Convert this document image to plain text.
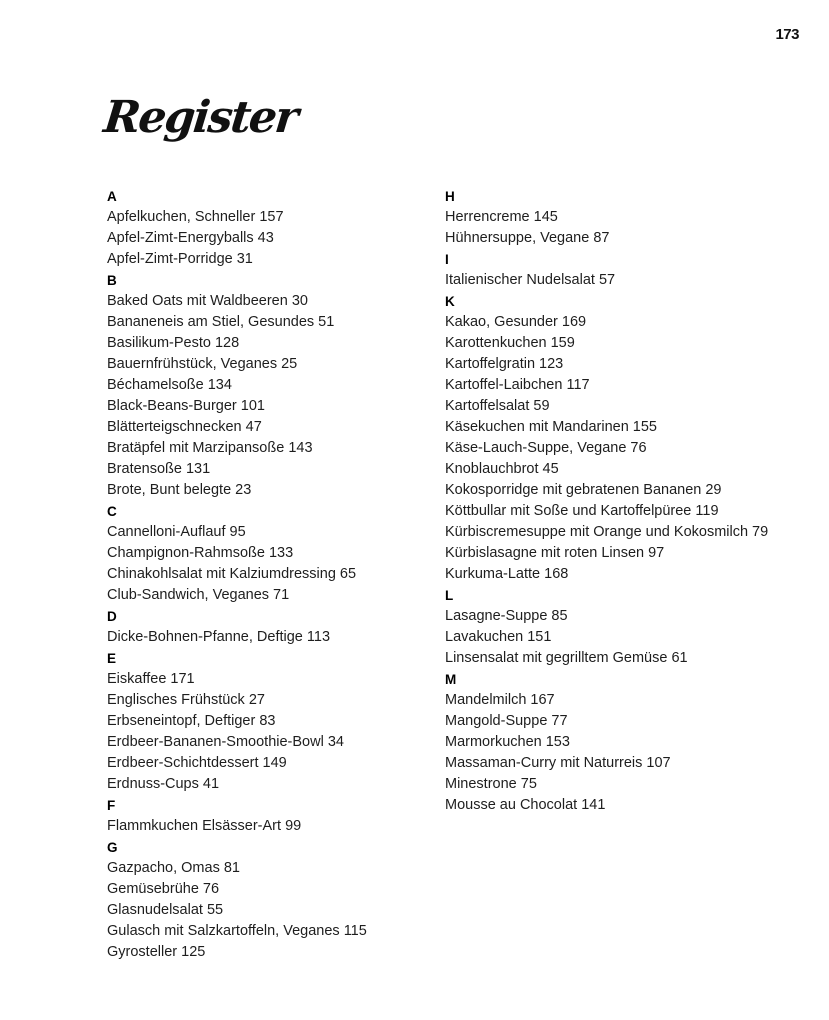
173
Register
A
Apfelkuchen, Schneller 157
Apfel-Zimt-Energyballs 43
Apfel-Zimt-Porridge 31
B
Baked Oats mit Waldbeeren 30
Bananeneis am Stiel, Gesundes 51
Basilikum-Pesto 128
Bauernfrühstück, Veganes 25
Béchamelsoße 134
Black-Beans-Burger 101
Blätterteigschnecken 47
Bratäpfel mit Marzipansoße 143
Bratensoße 131
Brote, Bunt belegte 23
C
Cannelloni-Auflauf 95
Champignon-Rahmsoße 133
Chinakohlsalat mit Kalziumdressing 65
Club-Sandwich, Veganes 71
D
Dicke-Bohnen-Pfanne, Deftige 113
E
Eiskaffee 171
Englisches Frühstück 27
Erbseneintopf, Deftiger 83
Erdbeer-Bananen-Smoothie-Bowl 34
Erdbeer-Schichtdessert 149
Erdnuss-Cups 41
F
Flammkuchen Elsässer-Art 99
G
Gazpacho, Omas 81
Gemüsebrühe 76
Glasnudelsalat 55
Gulasch mit Salzkartoffeln, Veganes 115
Gyrosteller 125
H
Herrencreme 145
Hühnersuppe, Vegane 87
I
Italienischer Nudelsalat 57
K
Kakao, Gesunder 169
Karottenkuchen 159
Kartoffelgratin 123
Kartoffel-Laibchen 117
Kartoffelsalat 59
Käsekuchen mit Mandarinen 155
Käse-Lauch-Suppe, Vegane 76
Knoblauchbrot 45
Kokosporridge mit gebratenen Bananen 29
Köttbullar mit Soße und Kartoffelpüree 119
Kürbiscremesuppe mit Orange und Kokosmilch 79
Kürbislasagne mit roten Linsen 97
Kurkuma-Latte 168
L
Lasagne-Suppe 85
Lavakuchen 151
Linsensalat mit gegrilltem Gemüse 61
M
Mandelmilch 167
Mangold-Suppe 77
Marmorkuchen 153
Massaman-Curry mit Naturreis 107
Minestrone 75
Mousse au Chocolat 141
